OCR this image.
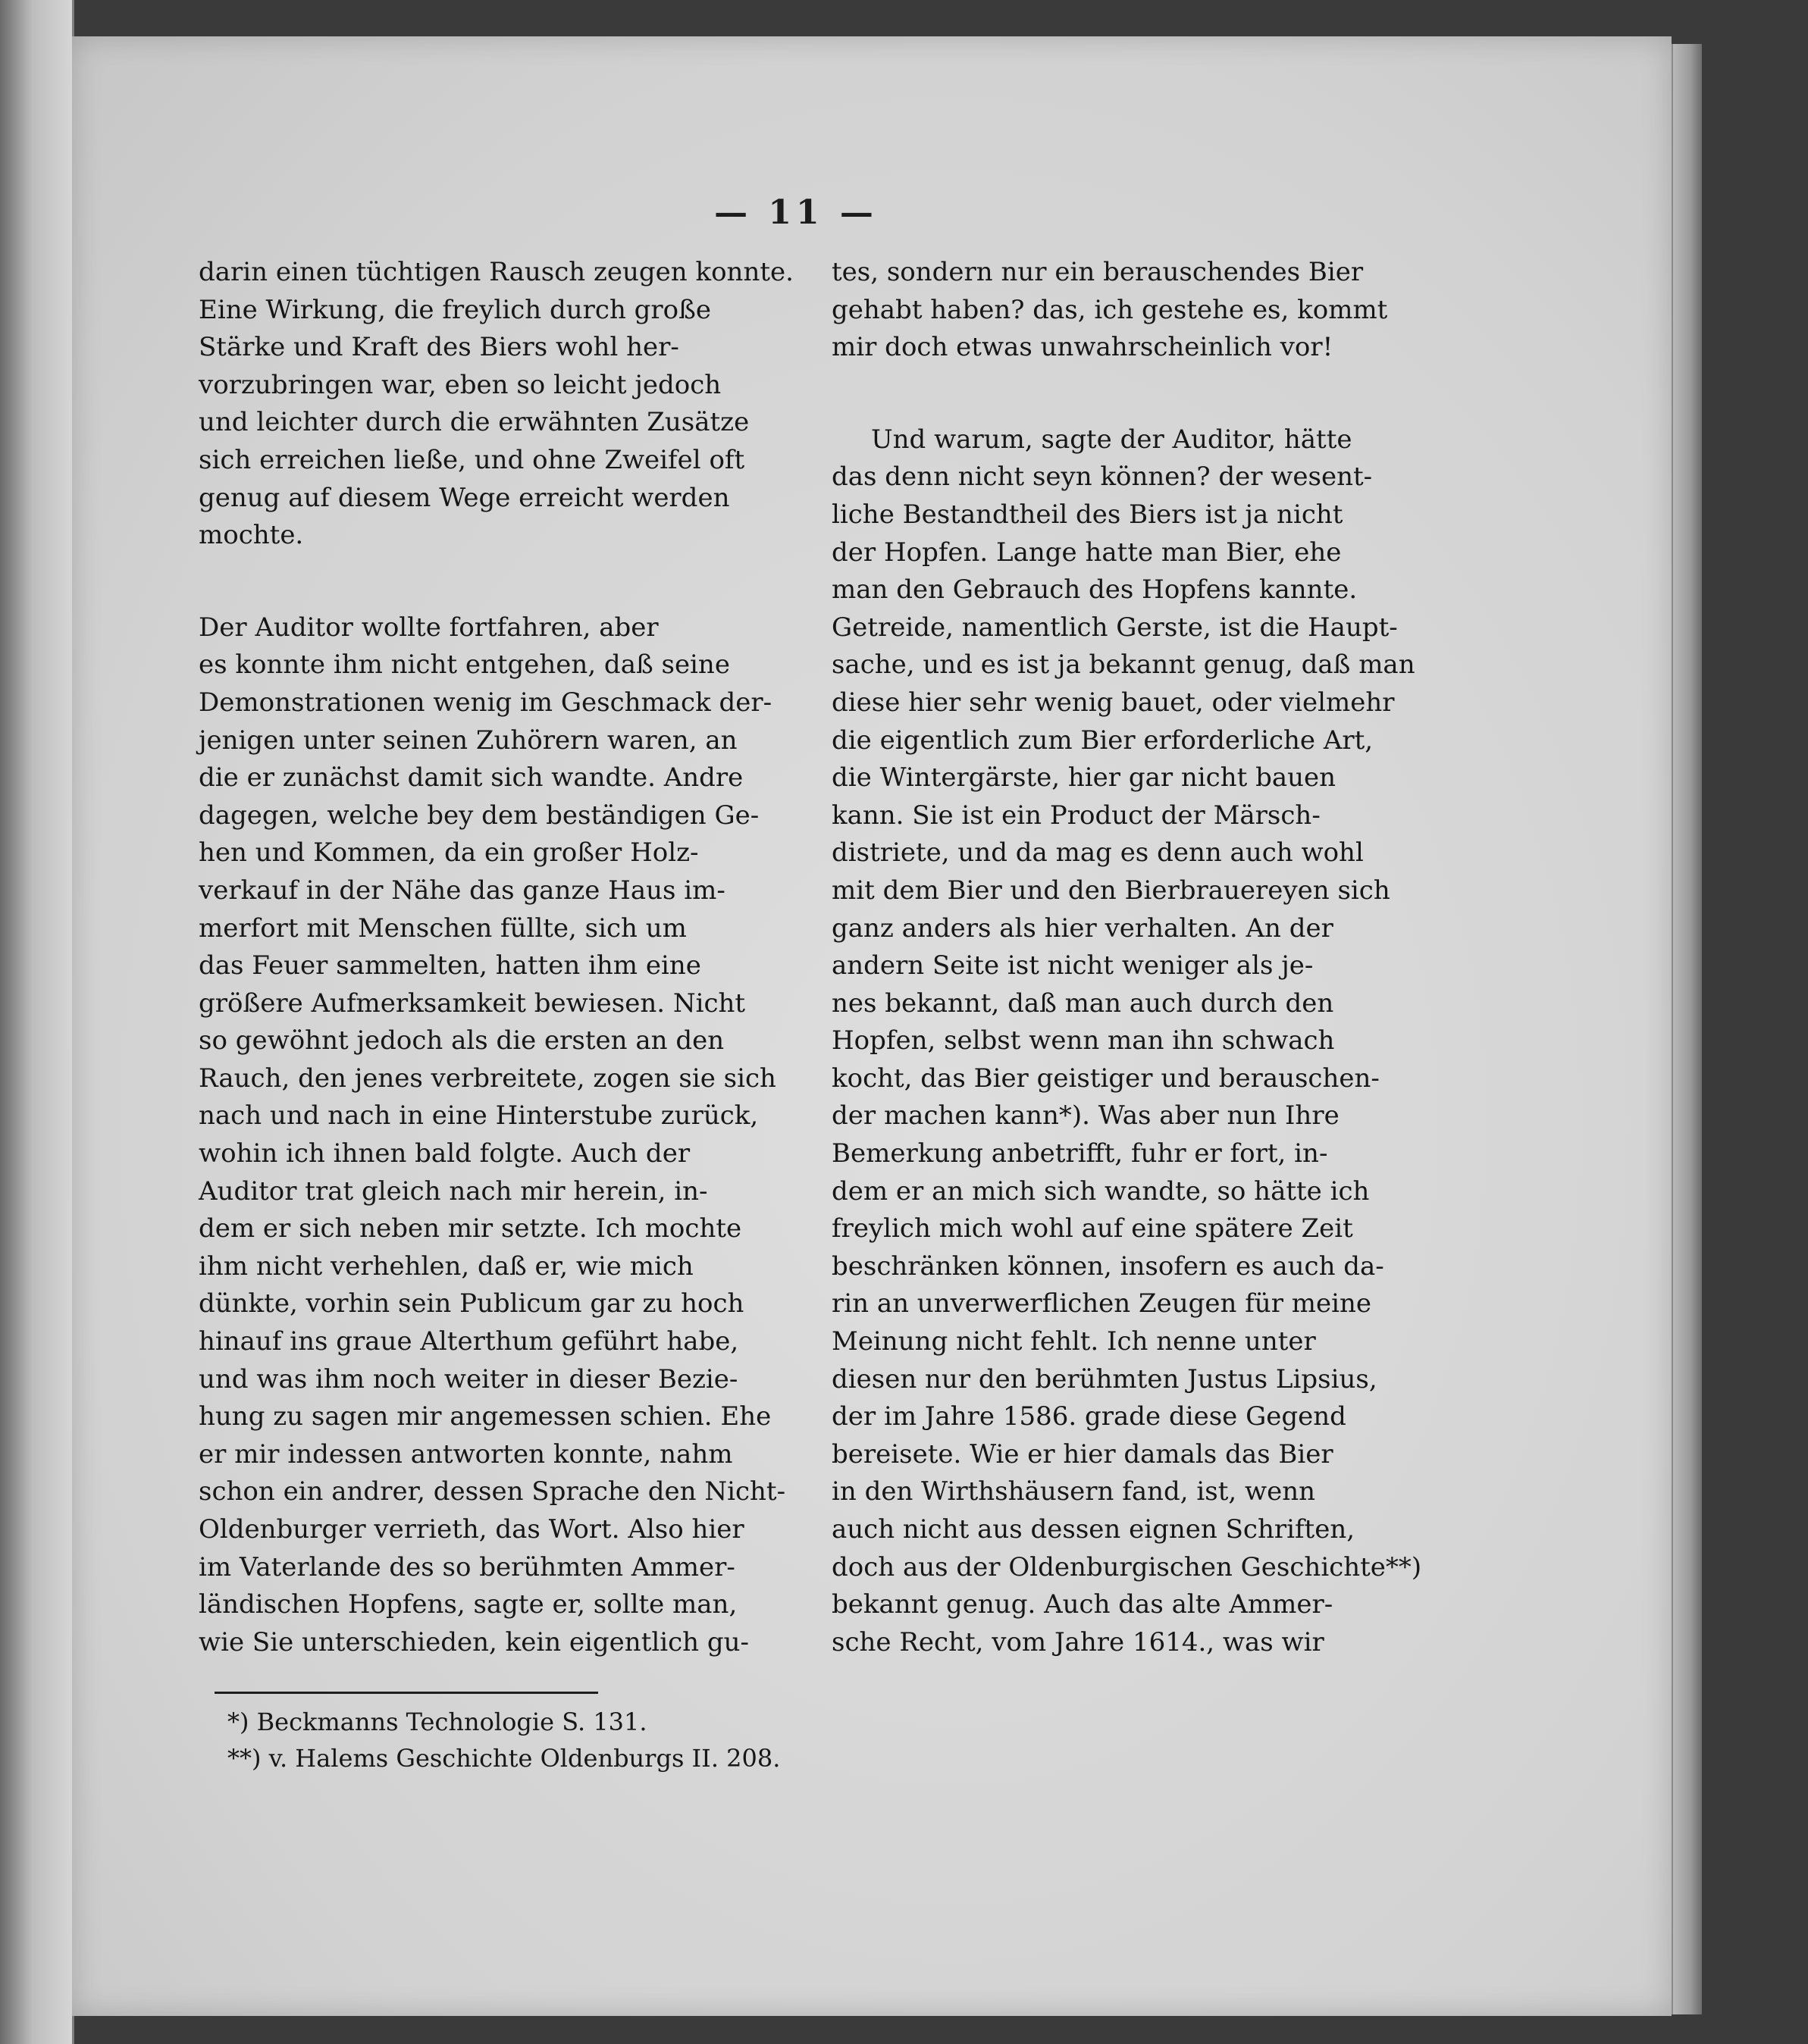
— 11 —

darin einen tüchtigen Rausch zeugen konnte.
Eine Wirkung, die freylich durch große
Stärke und Kraft des Biers wohl her-
vorzubringen war, eben so leicht jedoch
und leichter durch die erwähnten Zusätze
sich erreichen ließe, und ohne Zweifel oft
genug auf diesem Wege erreicht werden
mochte.

Der Auditor wollte fortfahren, aber
es konnte ihm nicht entgehen, daß seine
Demonstrationen wenig im Geschmack der-
jenigen unter seinen Zuhörern waren, an
die er zunächst damit sich wandte. Andre
dagegen, welche bey dem beständigen Ge-
hen und Kommen, da ein großer Holz-
verkauf in der Nähe das ganze Haus im-
merfort mit Menschen füllte, sich um
das Feuer sammelten, hatten ihm eine
größere Aufmerksamkeit bewiesen. Nicht
so gewöhnt jedoch als die ersten an den
Rauch, den jenes verbreitete, zogen sie sich
nach und nach in eine Hinterstube zurück,
wohin ich ihnen bald folgte. Auch der
Auditor trat gleich nach mir herein, in-
dem er sich neben mir setzte. Ich mochte
ihm nicht verhehlen, daß er, wie mich
dünkte, vorhin sein Publicum gar zu hoch
hinauf ins graue Alterthum geführt habe,
und was ihm noch weiter in dieser Bezie-
hung zu sagen mir angemessen schien. Ehe
er mir indessen antworten konnte, nahm
schon ein andrer, dessen Sprache den Nicht-
Oldenburger verrieth, das Wort. Also hier
im Vaterlande des so berühmten Ammer-
ländischen Hopfens, sagte er, sollte man,
wie Sie unterschieden, kein eigentlich gu-

tes, sondern nur ein berauschendes Bier
gehabt haben? das, ich gestehe es, kommt
mir doch etwas unwahrscheinlich vor!

Und warum, sagte der Auditor, hätte
das denn nicht seyn können? der wesent-
liche Bestandtheil des Biers ist ja nicht
der Hopfen. Lange hatte man Bier, ehe
man den Gebrauch des Hopfens kannte.
Getreide, namentlich Gerste, ist die Haupt-
sache, und es ist ja bekannt genug, daß man
diese hier sehr wenig bauet, oder vielmehr
die eigentlich zum Bier erforderliche Art,
die Wintergärste, hier gar nicht bauen
kann. Sie ist ein Product der Märsch-
distriete, und da mag es denn auch wohl
mit dem Bier und den Bierbrauereyen sich
ganz anders als hier verhalten. An der
andern Seite ist nicht weniger als je-
nes bekannt, daß man auch durch den
Hopfen, selbst wenn man ihn schwach
kocht, das Bier geistiger und berauschen-
der machen kann*). Was aber nun Ihre
Bemerkung anbetrifft, fuhr er fort, in-
dem er an mich sich wandte, so hätte ich
freylich mich wohl auf eine spätere Zeit
beschränken können, insofern es auch da-
rin an unverwerflichen Zeugen für meine
Meinung nicht fehlt. Ich nenne unter
diesen nur den berühmten Justus Lipsius,
der im Jahre 1586. grade diese Gegend
bereisete. Wie er hier damals das Bier
in den Wirthshäusern fand, ist, wenn
auch nicht aus dessen eignen Schriften,
doch aus der Oldenburgischen Geschichte**)
bekannt genug. Auch das alte Ammer-
sche Recht, vom Jahre 1614., was wir

*) Beckmanns Technologie S. 131.
**) v. Halems Geschichte Oldenburgs II. 208.
